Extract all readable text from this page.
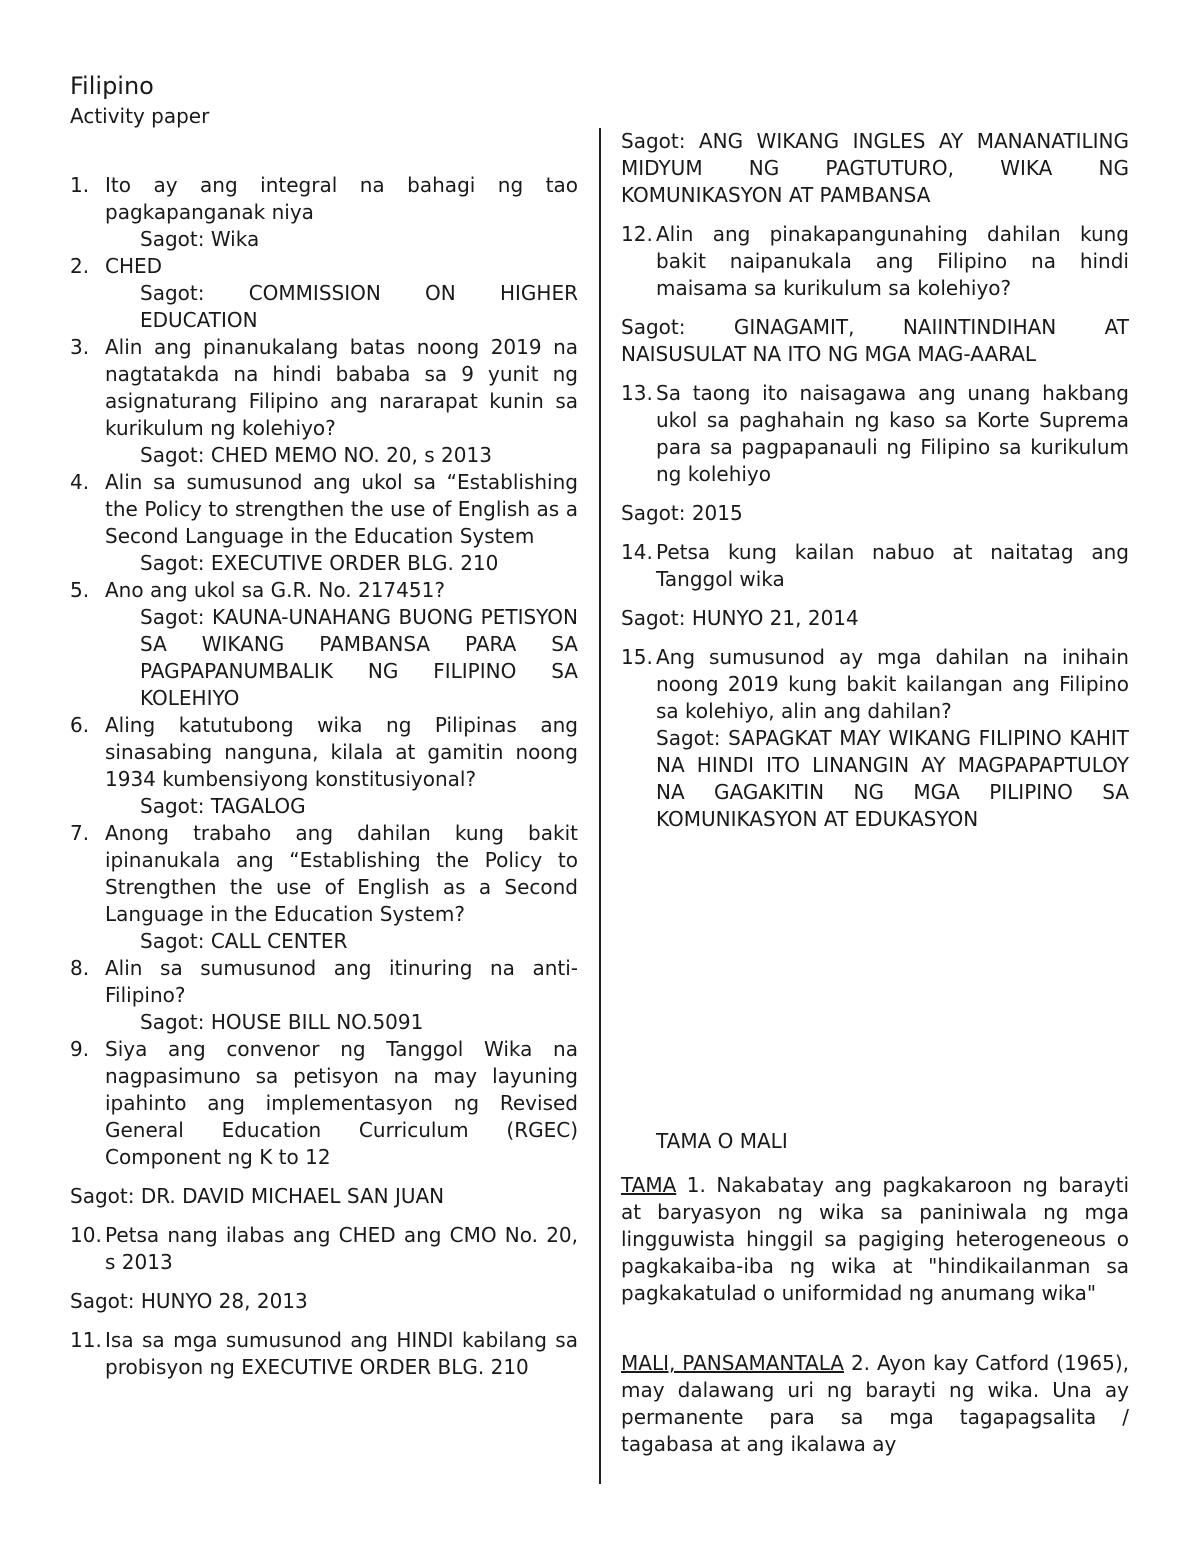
Filipino
Activity paper
1. Ito ay ang integral na bahagi ng tao pagkapanganak niya
Sagot: Wika
2. CHED
Sagot: COMMISSION ON HIGHER EDUCATION
3. Alin ang pinanukalang batas noong 2019 na nagtatakda na hindi bababa sa 9 yunit ng asignaturang Filipino ang nararapat kunin sa kurikulum ng kolehiyo?
Sagot: CHED MEMO NO. 20, s 2013
4. Alin sa sumusunod ang ukol sa “Establishing the Policy to strengthen the use of English as a Second Language in the Education System
Sagot: EXECUTIVE ORDER BLG. 210
5. Ano ang ukol sa G.R. No. 217451?
Sagot: KAUNA-UNAHANG BUONG PETISYON SA WIKANG PAMBANSA PARA SA PAGPAPANUMBALIK NG FILIPINO SA KOLEHIYO
6. Aling katutubong wika ng Pilipinas ang sinasabing nanguna, kilala at gamitin noong 1934 kumbensiyong konstitusiyonal?
Sagot: TAGALOG
7. Anong trabaho ang dahilan kung bakit ipinanukala ang “Establishing the Policy to Strengthen the use of English as a Second Language in the Education System?
Sagot: CALL CENTER
8. Alin sa sumusunod ang itinuring na anti-Filipino?
Sagot: HOUSE BILL NO.5091
9. Siya ang convenor ng Tanggol Wika na nagpasimuno sa petisyon na may layuning ipahinto ang implementasyon ng Revised General Education Curriculum (RGEC) Component ng K to 12
Sagot: DR. DAVID MICHAEL SAN JUAN
10. Petsa nang ilabas ang CHED ang CMO No. 20, s 2013
Sagot: HUNYO 28, 2013
11. Isa sa mga sumusunod ang HINDI kabilang sa probisyon ng EXECUTIVE ORDER BLG. 210
Sagot: ANG WIKANG INGLES AY MANANATILING MIDYUM NG PAGTUTURO, WIKA NG KOMUNIKASYON AT PAMBANSA
12. Alin ang pinakapangunahing dahilan kung bakit naipanukala ang Filipino na hindi maisama sa kurikulum sa kolehiyo?
Sagot: GINAGAMIT, NAIINTINDIHAN AT NAISUSULAT NA ITO NG MGA MAG-AARAL
13. Sa taong ito naisagawa ang unang hakbang ukol sa paghahain ng kaso sa Korte Suprema para sa pagpapanauli ng Filipino sa kurikulum ng kolehiyo
Sagot: 2015
14. Petsa kung kailan nabuo at naitatag ang Tanggol wika
Sagot: HUNYO 21, 2014
15. Ang sumusunod ay mga dahilan na inihain noong 2019 kung bakit kailangan ang Filipino sa kolehiyo, alin ang dahilan?
Sagot: SAPAGKAT MAY WIKANG FILIPINO KAHIT NA HINDI ITO LINANGIN AY MAGPAPAPTULOY NA GAGAKITIN NG MGA PILIPINO SA KOMUNIKASYON AT EDUKASYON
TAMA O MALI
TAMA 1. Nakabatay ang pagkakaroon ng barayti at baryasyon ng wika sa paniniwala ng mga lingguwista hinggil sa pagiging heterogeneous o pagkakaiba-iba ng wika at "hindikailanman sa pagkakatulad o uniformidad ng anumang wika"
MALI, PANSAMANTALA 2. Ayon kay Catford (1965), may dalawang uri ng barayti ng wika. Una ay permanente para sa mga tagapagsalita / tagabasa at ang ikalawa ay
